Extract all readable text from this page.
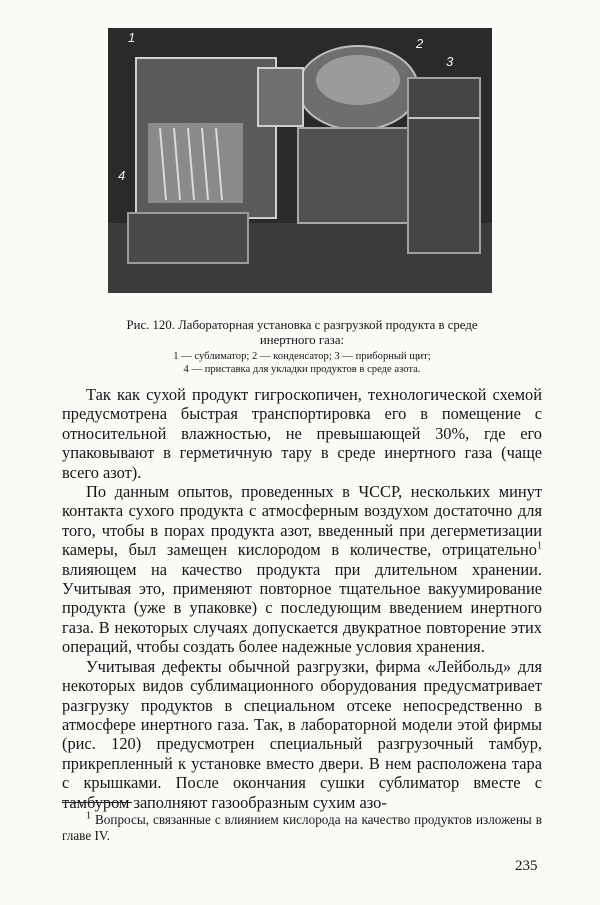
1	2
3
4
Рис. 120. Лабораторная установка с разгрузкой продукта в среде инертного газа:
1 — сублиматор; 2 — конденсатор; 3 — приборный щит;
4 — приставка для укладки продуктов в среде азота.

Так как сухой продукт гигроскопичен, технологической схемой предусмотрена быстрая транспортировка его в помещение с относительной влажностью, не превышающей 30%, где его упаковывают в герметичную тару в среде инертного газа (чаще всего азот).

По данным опытов, проведенных в ЧССР, нескольких минут контакта сухого продукта с атмосферным воздухом достаточно для того, чтобы в порах продукта азот, введенный при дегерметизации камеры, был замещен кислородом в количестве, отрицательно$^1$ влияющем на качество продукта при длительном хранении. Учитывая это, применяют повторное тщательное вакуумирование продукта (уже в упаковке) с последующим введением инертного газа. В некоторых случаях допускается двукратное повторение этих операций, чтобы создать более надежные условия хранения.

Учитывая дефекты обычной разгрузки, фирма «Лейбольд» для некоторых видов сублимационного оборудования предусматривает разгрузку продуктов в специальном отсеке непосредственно в атмосфере инертного газа. Так, в лабораторной модели этой фирмы (рис. 120) предусмотрен специальный разгрузочный тамбур, прикрепленный к установке вместо двери. В нем расположена тара с крышками. После окончания сушки сублиматор вместе с тамбуром заполняют газообразным сухим азо-

$^1$ Вопросы, связанные с влиянием кислорода на качество продуктов изложены в главе IV.
235
